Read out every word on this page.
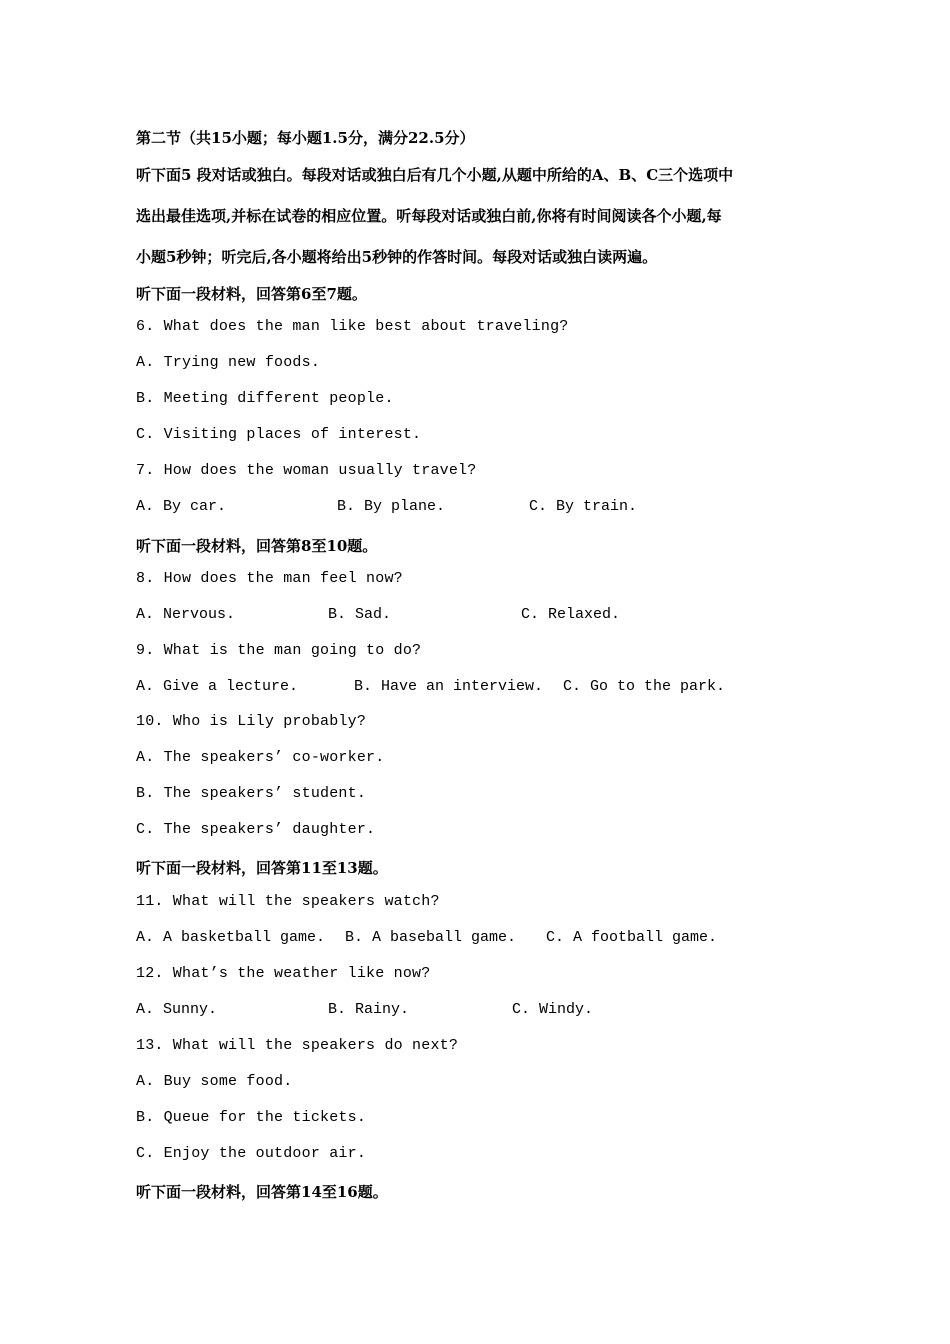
第二节（共15小题；每小题1.5分，满分22.5分）
听下面5 段对话或独白。每段对话或独白后有几个小题,从题中所给的A、B、C三个选项中
选出最佳选项,并标在试卷的相应位置。听每段对话或独白前,你将有时间阅读各个小题,每
小题5秒钟；听完后,各小题将给出5秒钟的作答时间。每段对话或独白读两遍。
听下面一段材料，回答第6至7题。
6. What does the man like best about traveling?
A. Trying new foods.
B. Meeting different people.
C. Visiting places of interest.
7. How does the woman usually travel?
A. By car.	B. By plane.	C. By train.
听下面一段材料，回答第8至10题。
8. How does the man feel now?
A. Nervous.	B. Sad.	C. Relaxed.
9. What is the man going to do?
A. Give a lecture.	B. Have an interview. C. Go to the park.
10. Who is Lily probably?
A. The speakers’ co-worker.
B. The speakers’ student.
C. The speakers’ daughter.
听下面一段材料，回答第11至13题。
11. What will the speakers watch?
A. A basketball game. B. A baseball game. C. A football game.
12. What’s the weather like now?
A. Sunny.	B. Rainy.	C. Windy.
13. What will the speakers do next?
A. Buy some food.
B. Queue for the tickets.
C. Enjoy the outdoor air.
听下面一段材料，回答第14至16题。
